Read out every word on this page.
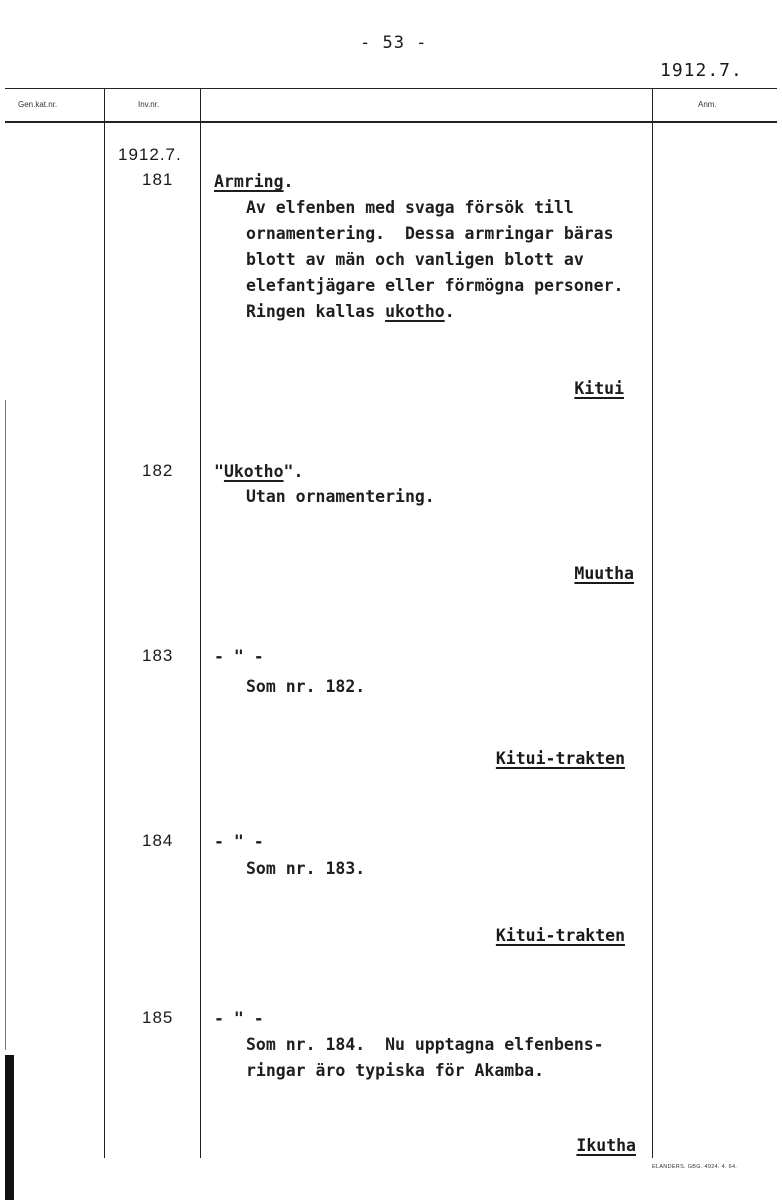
- 53 -
1912.7.
Gen.kat.nr.	Inv.nr.	Anm.
1912.7.
181 Armring.
Av elfenben med svaga försök till
ornamentering.  Dessa armringar bäras
blott av män och vanligen blott av
elefantjägare eller förmögna personer.
Ringen kallas ukotho.
Kitui
182 "Ukotho".
Utan ornamentering.
Muutha
183 - " -
Som nr. 182.
Kitui-trakten
184 - " -
Som nr. 183.
Kitui-trakten
185 - " -
Som nr. 184.  Nu upptagna elfenbens-
ringar äro typiska för Akamba.
Ikutha
ELANDERS. GBG. 4924. 4. 64.
